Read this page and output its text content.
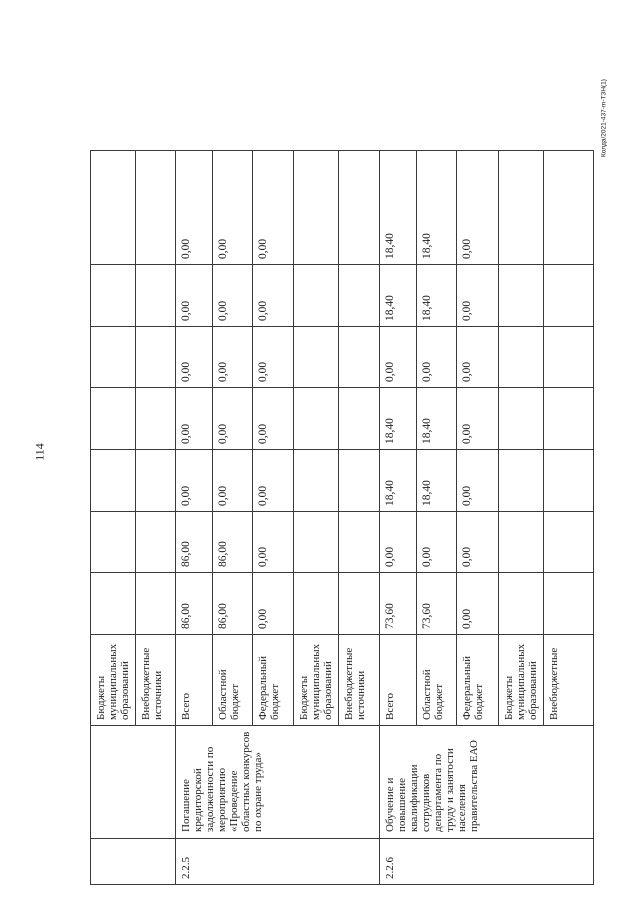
114
Колда/2021-437-m-ТЗН(1)
		Бюджеты муниципальных образований								
		Внебюджетные источники								
2.2.5	Погашение кредиторской задолженности по мероприятию «Проведение областных конкурсов по охране труда»	Всего	86,00	86,00	0,00	0,00	0,00	0,00	0,00	
		Областной бюджет	86,00	86,00	0,00	0,00	0,00	0,00	0,00	
		Федеральный бюджет	0,00	0,00	0,00	0,00	0,00	0,00	0,00	
		Бюджеты муниципальных образований								
		Внебюджетные источники								
2.2.6	Обучение и повышение квалификации сотрудников департамента по труду и занятости населения правительства ЕАО	Всего	73,60	0,00	18,40	18,40	0,00	18,40	18,40	
		Областной бюджет	73,60	0,00	18,40	18,40	0,00	18,40	18,40	
		Федеральный бюджет	0,00	0,00	0,00	0,00	0,00	0,00	0,00	
		Бюджеты муниципальных образований								
		Внебюджетные								
